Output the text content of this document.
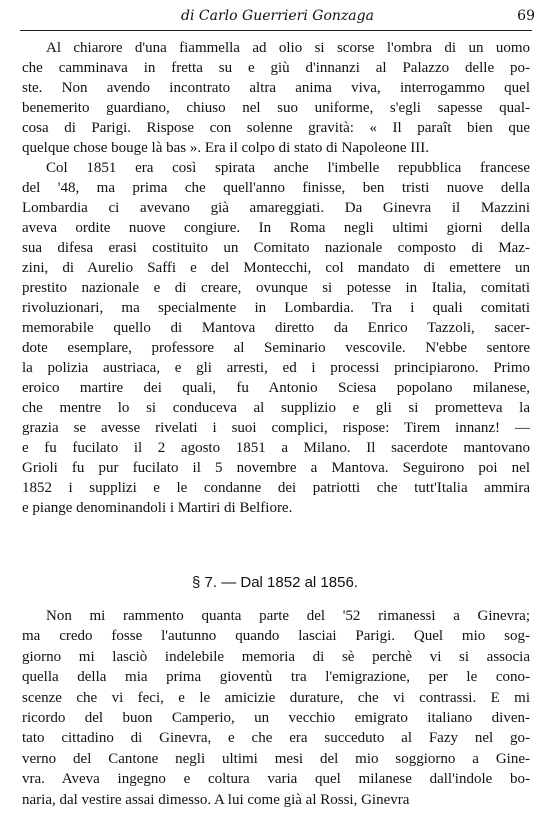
di Carlo Guerrieri Gonzaga	69
Al chiarore d'una fiammella ad olio si scorse l'ombra di un uomo
che camminava in fretta su e giù d'innanzi al Palazzo delle po-
ste. Non avendo incontrato altra anima viva, interrogammo quel
benemerito guardiano, chiuso nel suo uniforme, s'egli sapesse qual-
cosa di Parigi. Rispose con solenne gravità: « Il paraît bien que
quelque chose bouge là bas ». Era il colpo di stato di Napoleone III.
Col 1851 era così spirata anche l'imbelle repubblica francese
del '48, ma prima che quell'anno finisse, ben tristi nuove della
Lombardia ci avevano già amareggiati. Da Ginevra il Mazzini
aveva ordite nuove congiure. In Roma negli ultimi giorni della
sua difesa erasi costituito un Comitato nazionale composto di Maz-
zini, di Aurelio Saffi e del Montecchi, col mandato di emettere un
prestito nazionale e di creare, ovunque si potesse in Italia, comitati
rivoluzionari, ma specialmente in Lombardia. Tra i quali comitati
memorabile quello di Mantova diretto da Enrico Tazzoli, sacer-
dote esemplare, professore al Seminario vescovile. N'ebbe sentore
la polizia austriaca, e gli arresti, ed i processi principiarono. Primo
eroico martire dei quali, fu Antonio Sciesa popolano milanese,
che mentre lo si conduceva al supplizio e gli si prometteva la
grazia se avesse rivelati i suoi complici, rispose: Tirem innanz! —
e fu fucilato il 2 agosto 1851 a Milano. Il sacerdote mantovano
Grioli fu pur fucilato il 5 novembre a Mantova. Seguirono poi nel
1852 i supplizi e le condanne dei patriotti che tutt'Italia ammira
e piange denominandoli i Martiri di Belfiore.
§ 7. — Dal 1852 al 1856.
Non mi rammento quanta parte del '52 rimanessi a Ginevra;
ma credo fosse l'autunno quando lasciai Parigi. Quel mio sog-
giorno mi lasciò indelebile memoria di sè perchè vi si associa
quella della mia prima gioventù tra l'emigrazione, per le cono-
scenze che vi feci, e le amicizie durature, che vi contrassi. E mi
ricordo del buon Camperio, un vecchio emigrato italiano diven-
tato cittadino di Ginevra, e che era succeduto al Fazy nel go-
verno del Cantone negli ultimi mesi del mio soggiorno a Gine-
vra. Aveva ingegno e coltura varia quel milanese dall'indole bo-
naria, dal vestire assai dimesso. A lui come già al Rossi, Ginevra
